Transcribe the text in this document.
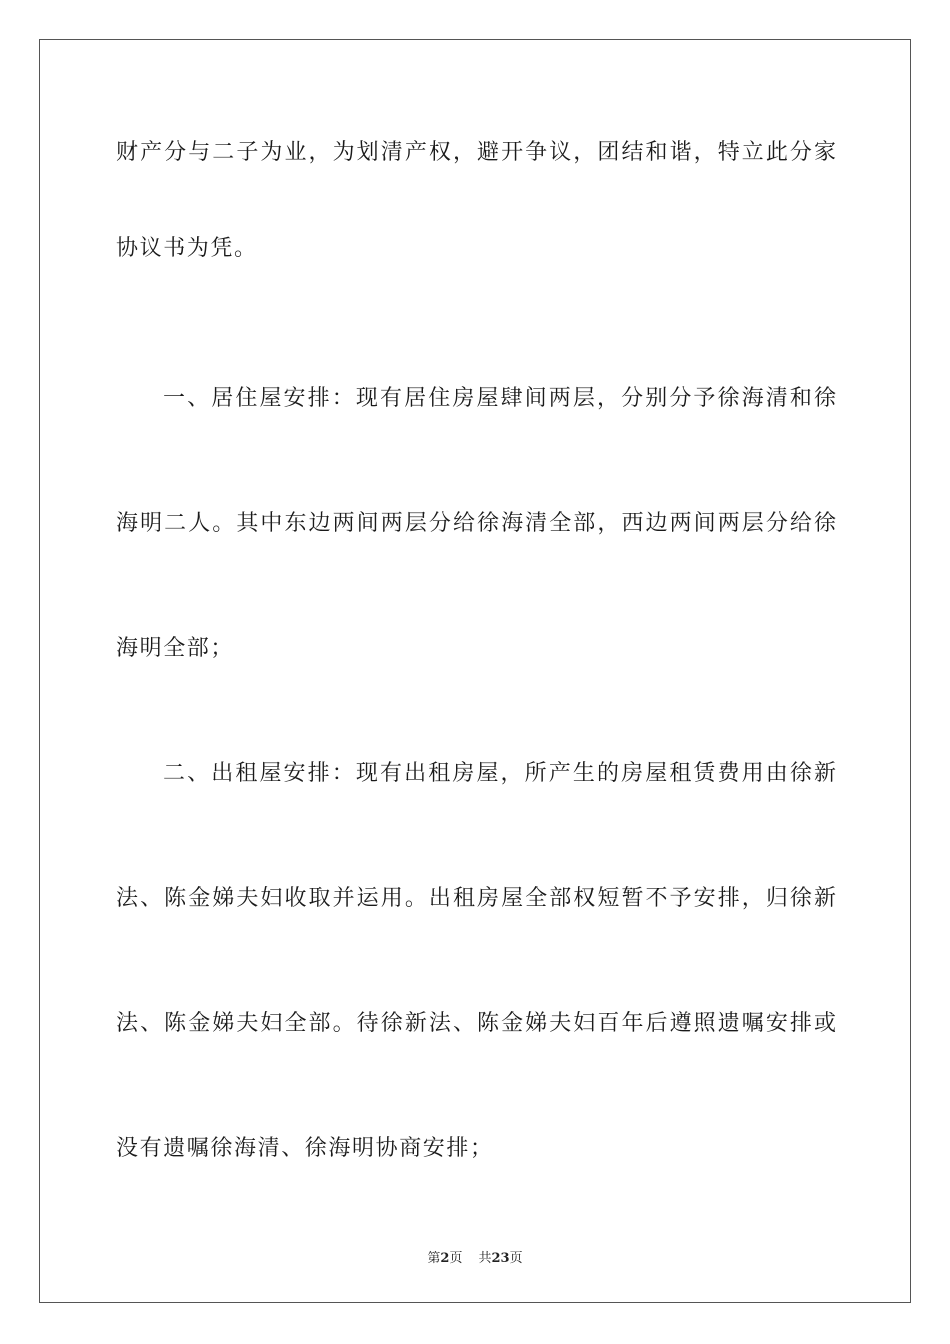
财产分与二子为业，为划清产权，避开争议，团结和谐，特立此分家
协议书为凭。
一、居住屋安排：现有居住房屋肆间两层，分别分予徐海清和徐
海明二人。其中东边两间两层分给徐海清全部，西边两间两层分给徐
海明全部；
二、出租屋安排：现有出租房屋，所产生的房屋租赁费用由徐新
法、陈金娣夫妇收取并运用。出租房屋全部权短暂不予安排，归徐新
法、陈金娣夫妇全部。待徐新法、陈金娣夫妇百年后遵照遗嘱安排或
没有遗嘱徐海清、徐海明协商安排；
第2页 共23页
